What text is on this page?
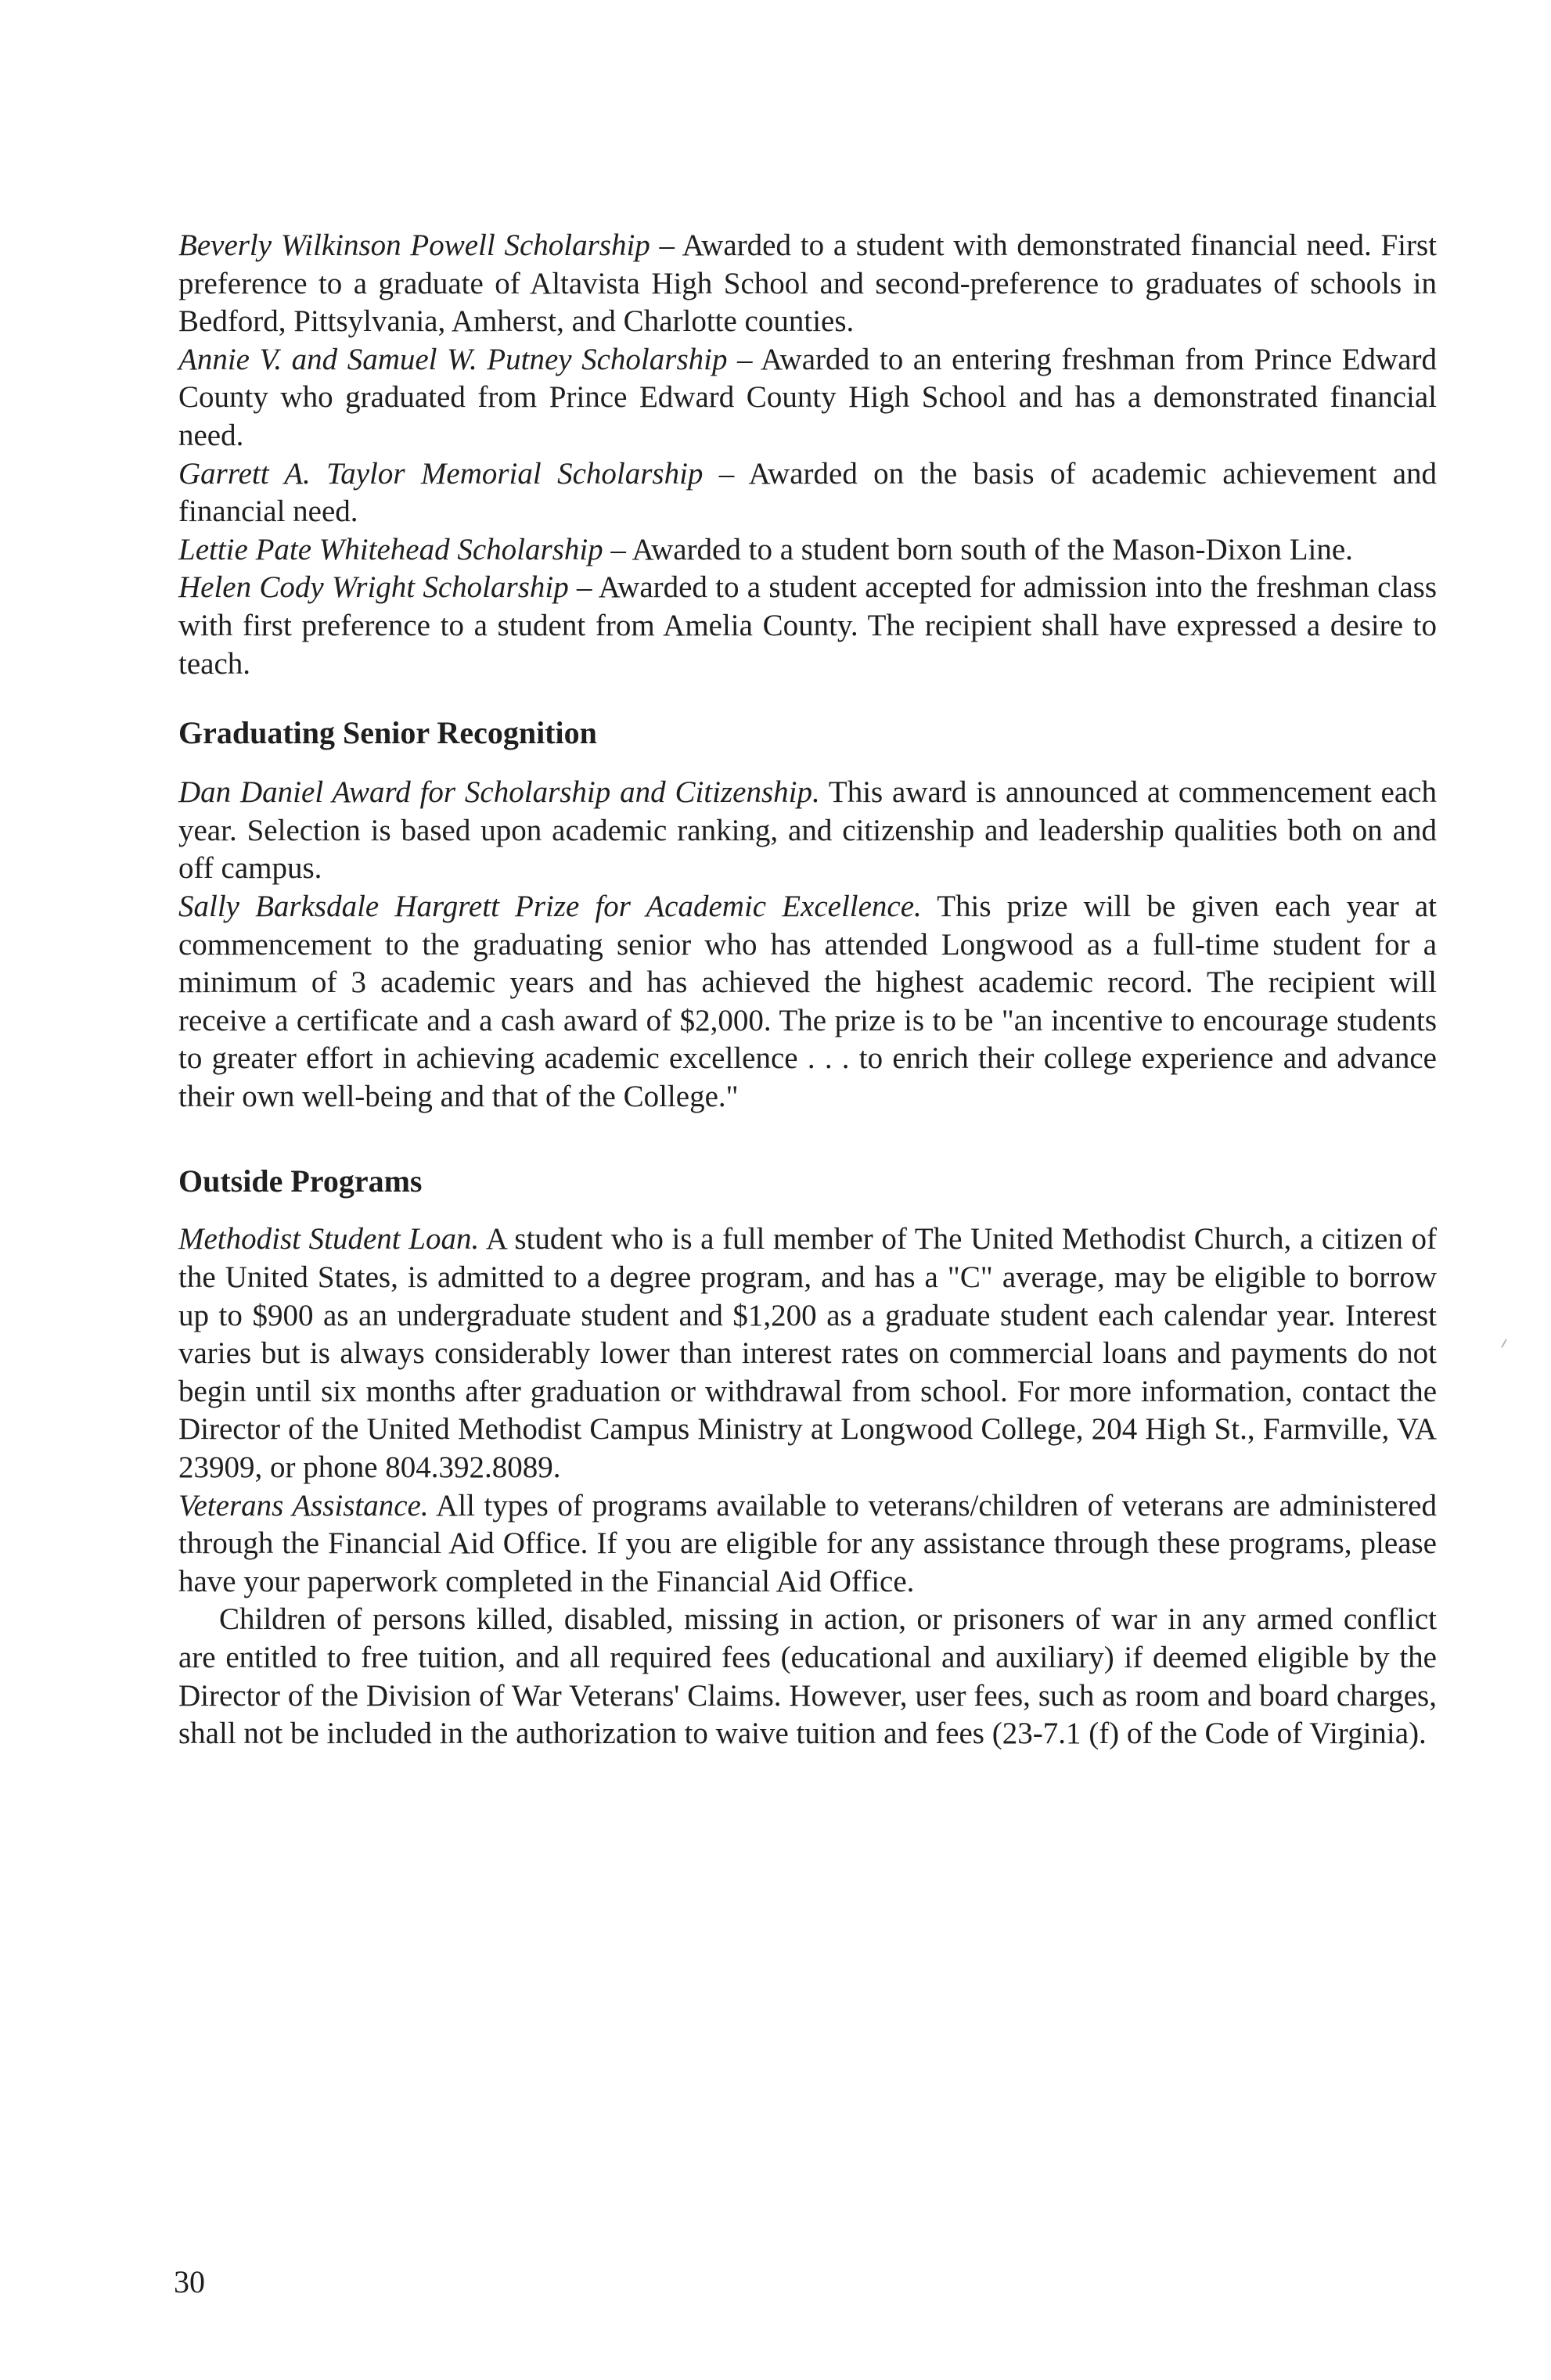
Beverly Wilkinson Powell Scholarship – Awarded to a student with demonstrated financial need. First preference to a graduate of Altavista High School and second-preference to graduates of schools in Bedford, Pittsylvania, Amherst, and Charlotte counties.

Annie V. and Samuel W. Putney Scholarship – Awarded to an entering freshman from Prince Edward County who graduated from Prince Edward County High School and has a demonstrated financial need.

Garrett A. Taylor Memorial Scholarship – Awarded on the basis of academic achievement and financial need.

Lettie Pate Whitehead Scholarship – Awarded to a student born south of the Mason-Dixon Line.

Helen Cody Wright Scholarship – Awarded to a student accepted for admission into the freshman class with first preference to a student from Amelia County. The recipient shall have expressed a desire to teach.

Graduating Senior Recognition

Dan Daniel Award for Scholarship and Citizenship. This award is announced at commencement each year. Selection is based upon academic ranking, and citizenship and leadership qualities both on and off campus.

Sally Barksdale Hargrett Prize for Academic Excellence. This prize will be given each year at commencement to the graduating senior who has attended Longwood as a full-time student for a minimum of 3 academic years and has achieved the highest academic record. The recipient will receive a certificate and a cash award of $2,000. The prize is to be "an incentive to encourage students to greater effort in achieving academic excellence . . . to enrich their college experience and advance their own well-being and that of the College."

Outside Programs

Methodist Student Loan. A student who is a full member of The United Methodist Church, a citizen of the United States, is admitted to a degree program, and has a "C" average, may be eligible to borrow up to $900 as an undergraduate student and $1,200 as a graduate student each calendar year. Interest varies but is always considerably lower than interest rates on commercial loans and payments do not begin until six months after graduation or withdrawal from school. For more information, contact the Director of the United Methodist Campus Ministry at Longwood College, 204 High St., Farmville, VA 23909, or phone 804.392.8089.

Veterans Assistance. All types of programs available to veterans/children of veterans are administered through the Financial Aid Office. If you are eligible for any assistance through these programs, please have your paperwork completed in the Financial Aid Office.

Children of persons killed, disabled, missing in action, or prisoners of war in any armed conflict are entitled to free tuition, and all required fees (educational and auxiliary) if deemed eligible by the Director of the Division of War Veterans' Claims. However, user fees, such as room and board charges, shall not be included in the authorization to waive tuition and fees (23-7.1 (f) of the Code of Virginia).

30
